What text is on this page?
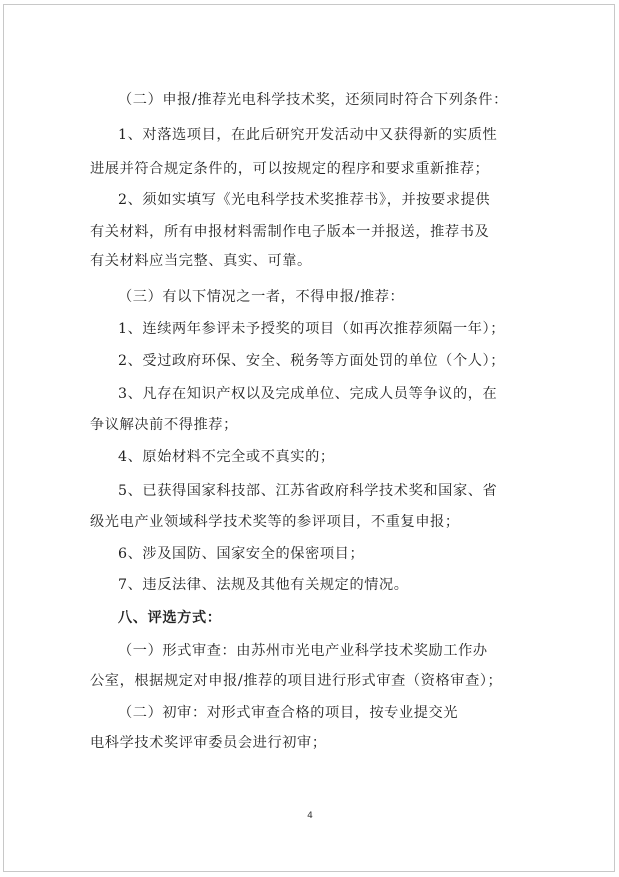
（二）申报/推荐光电科学技术奖，还须同时符合下列条件：
1、对落选项目，在此后研究开发活动中又获得新的实质性
进展并符合规定条件的，可以按规定的程序和要求重新推荐；
2、须如实填写《光电科学技术奖推荐书》，并按要求提供
有关材料，所有申报材料需制作电子版本一并报送，推荐书及
有关材料应当完整、真实、可靠。
（三）有以下情况之一者，不得申报/推荐：
1、连续两年参评未予授奖的项目（如再次推荐须隔一年）；
2、受过政府环保、安全、税务等方面处罚的单位（个人）；
3、凡存在知识产权以及完成单位、完成人员等争议的，在
争议解决前不得推荐；
4、原始材料不完全或不真实的；
5、已获得国家科技部、江苏省政府科学技术奖和国家、省
级光电产业领域科学技术奖等的参评项目，不重复申报；
6、涉及国防、国家安全的保密项目；
7、违反法律、法规及其他有关规定的情况。
八、评选方式：
（一）形式审查：由苏州市光电产业科学技术奖励工作办
公室，根据规定对申报/推荐的项目进行形式审查（资格审查）；
（二）初审：对形式审查合格的项目，按专业提交光
电科学技术奖评审委员会进行初审；
4
